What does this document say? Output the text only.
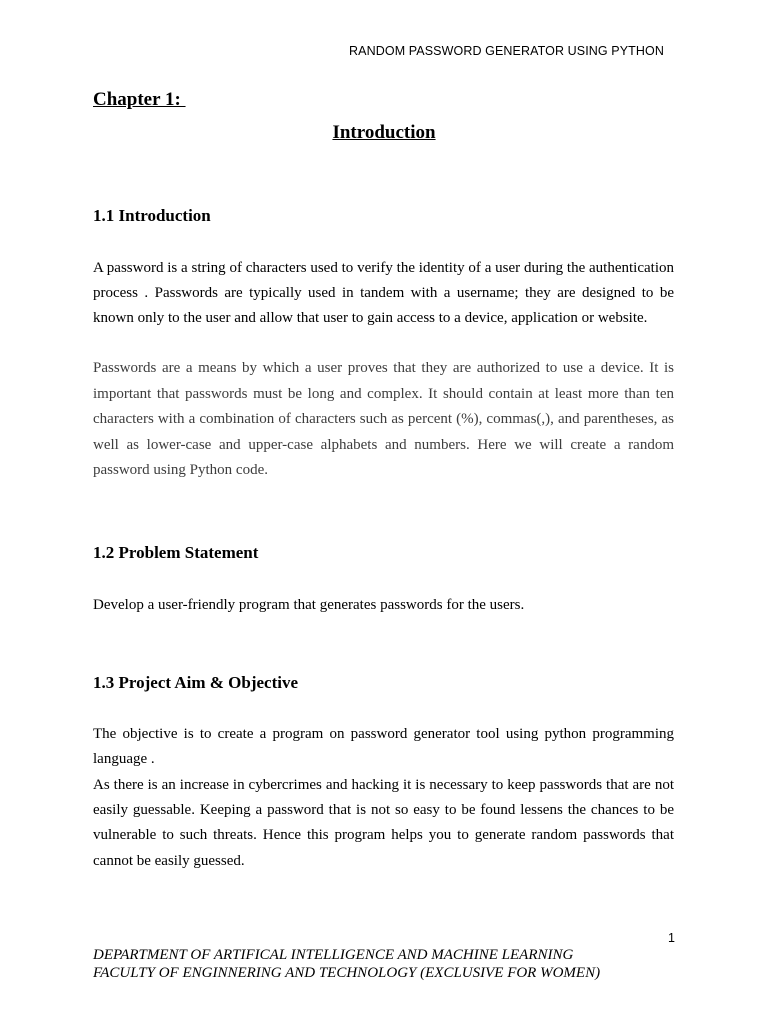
RANDOM PASSWORD GENERATOR USING PYTHON
Chapter 1:
Introduction
1.1 Introduction

A password is a string of characters used to verify the identity of a user during the authentication process . Passwords are typically used in tandem with a username; they are designed to be known only to the user and allow that user to gain access to a device, application or website.

Passwords are a means by which a user proves that they are authorized to use a device. It is important that passwords must be long and complex. It should contain at least more than ten characters with a combination of characters such as percent (%), commas(,), and parentheses, as well as lower-case and upper-case alphabets and numbers. Here we will create a random password using Python code.

1.2 Problem Statement

Develop a user-friendly program that generates passwords for the users.

1.3 Project Aim & Objective

The objective is to create a program on password generator tool using python programming language .

As there is an increase in cybercrimes and hacking it is necessary to keep passwords that are not easily guessable. Keeping a password that is not so easy to be found lessens the chances to be vulnerable to such threats. Hence this program helps you to generate random passwords that cannot be easily guessed.

1
DEPARTMENT OF ARTIFICAL INTELLIGENCE AND MACHINE LEARNING
FACULTY OF ENGINNERING AND TECHNOLOGY (EXCLUSIVE FOR WOMEN)
